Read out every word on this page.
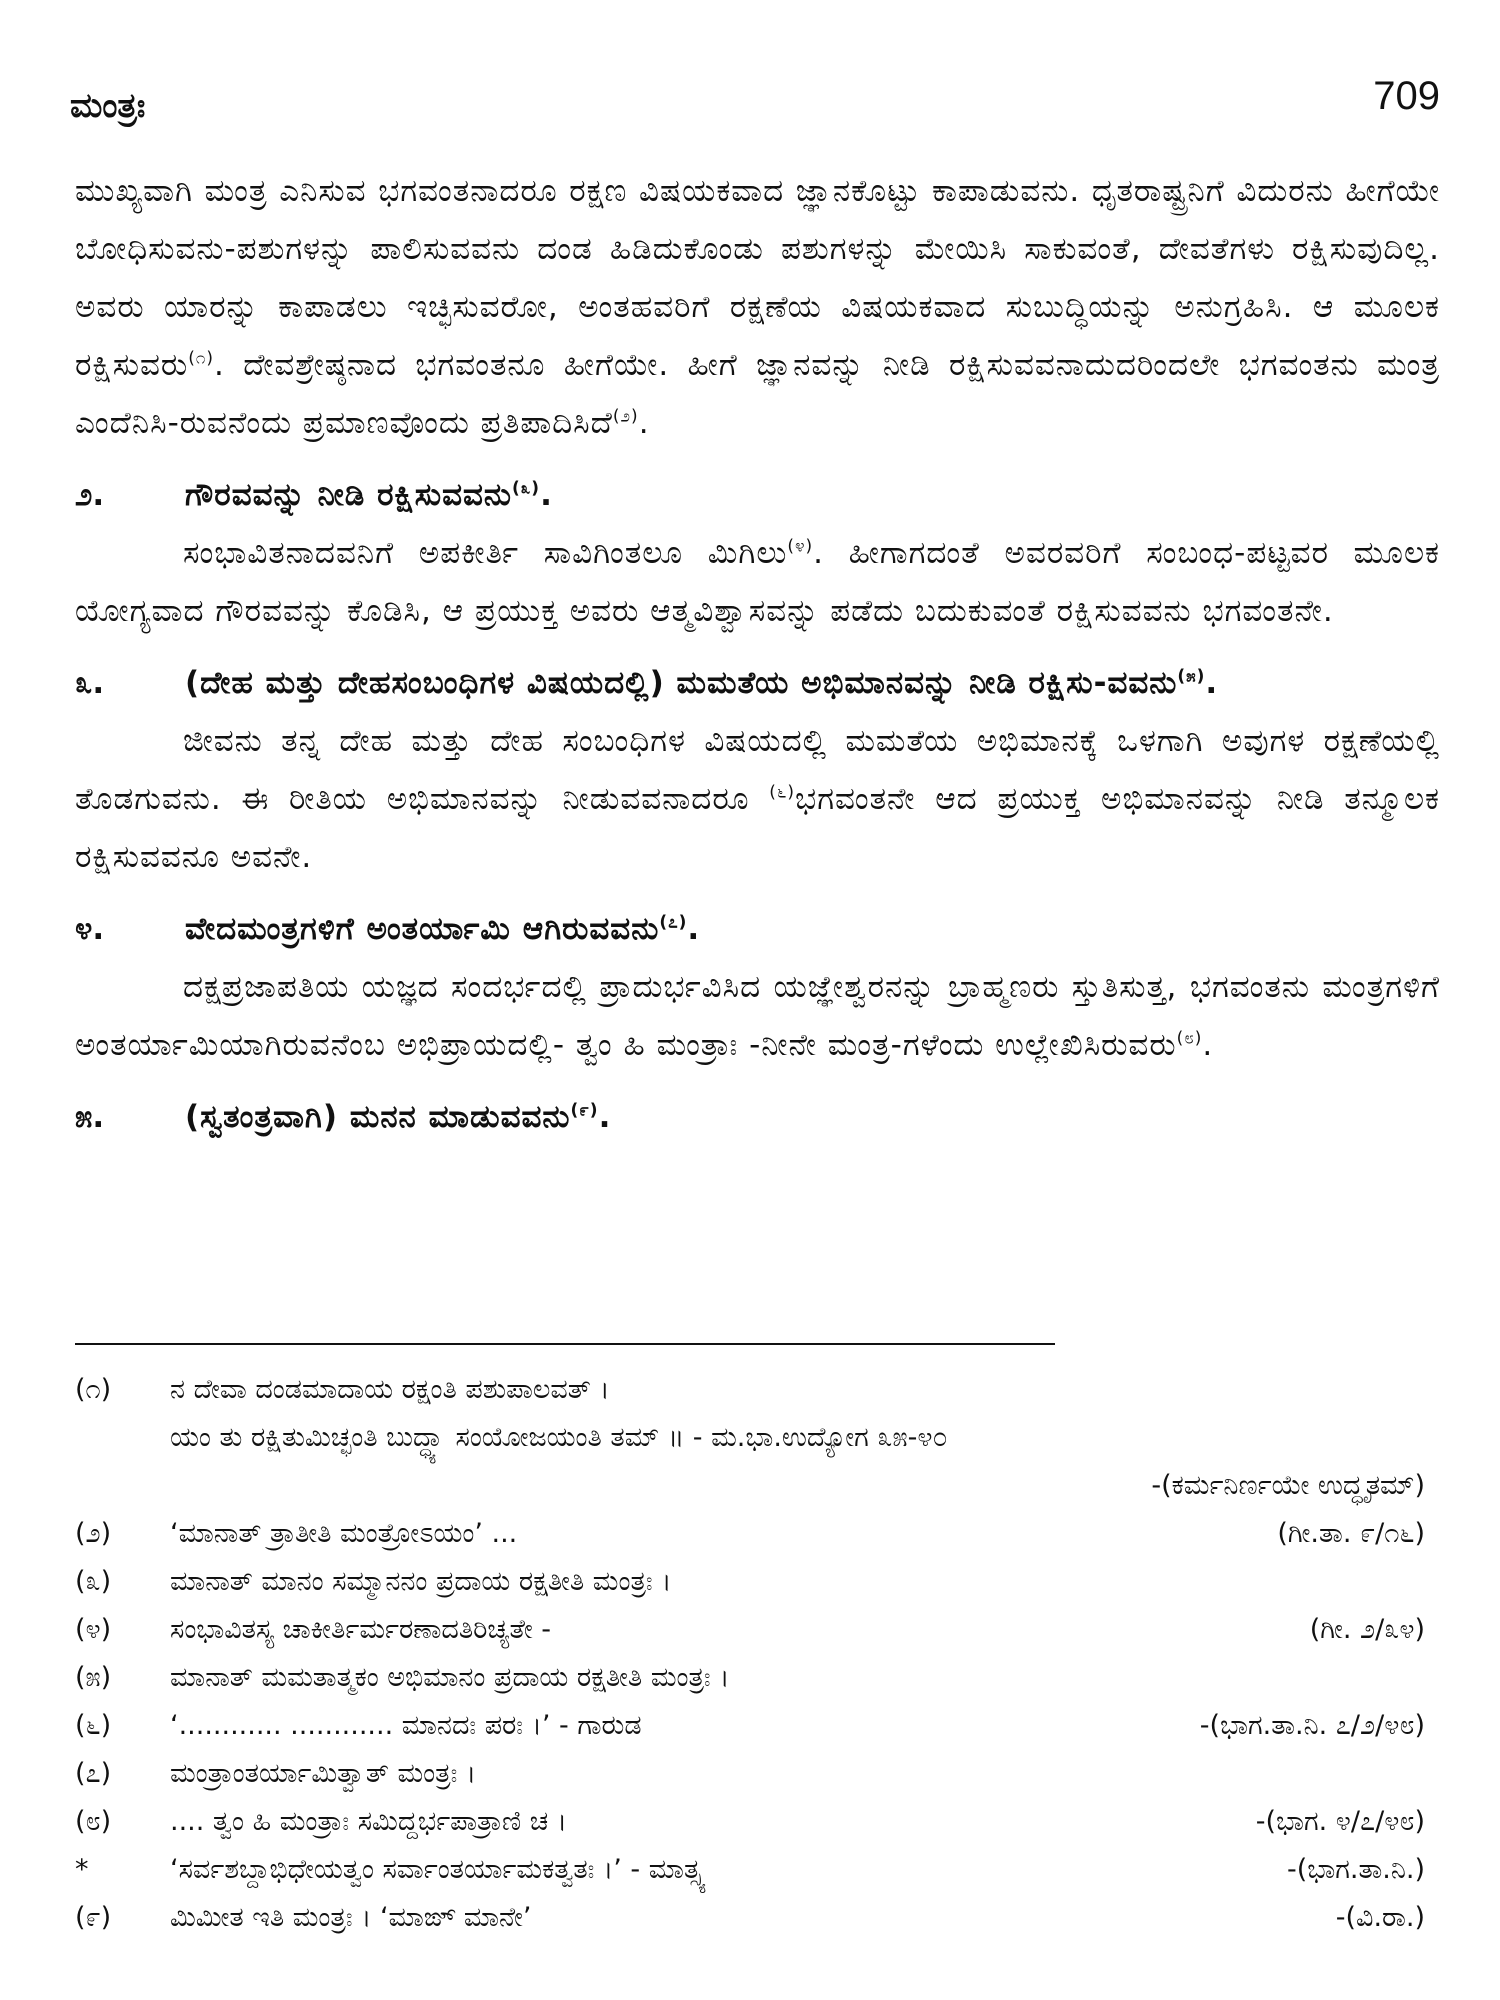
ಮಂತ್ರಃ	709

ಮುಖ್ಯವಾಗಿ ಮಂತ್ರ ಎನಿಸುವ ಭಗವಂತನಾದರೂ ರಕ್ಷಣ ವಿಷಯಕವಾದ ಜ್ಞಾನಕೊಟ್ಟು ಕಾಪಾಡುವನು. ಧೃತರಾಷ್ಟ್ರನಿಗೆ ವಿದುರನು ಹೀಗೆಯೇ ಬೋಧಿಸುವನು-ಪಶುಗಳನ್ನು ಪಾಲಿಸುವವನು ದಂಡ ಹಿಡಿದುಕೊಂಡು ಪಶುಗಳನ್ನು ಮೇಯಿಸಿ ಸಾಕುವಂತೆ, ದೇವತೆಗಳು ರಕ್ಷಿಸುವುದಿಲ್ಲ. ಅವರು ಯಾರನ್ನು ಕಾಪಾಡಲು ಇಚ್ಛಿಸುವರೋ, ಅಂತಹವರಿಗೆ ರಕ್ಷಣೆಯ ವಿಷಯಕವಾದ ಸುಬುದ್ಧಿಯನ್ನು ಅನುಗ್ರಹಿಸಿ. ಆ ಮೂಲಕ ರಕ್ಷಿಸುವರು$^{(೧)}$. ದೇವಶ್ರೇಷ್ಠನಾದ ಭಗವಂತನೂ ಹೀಗೆಯೇ. ಹೀಗೆ ಜ್ಞಾನವನ್ನು ನೀಡಿ ರಕ್ಷಿಸುವವನಾದುದರಿಂದಲೇ ಭಗವಂತನು ಮಂತ್ರ ಎಂದೆನಿಸಿ-ರುವನೆಂದು ಪ್ರಮಾಣವೊಂದು ಪ್ರತಿಪಾದಿಸಿದೆ$^{(೨)}$.

೨.	ಗೌರವವನ್ನು ನೀಡಿ ರಕ್ಷಿಸುವವನು$^{(೩)}$.

ಸಂಭಾವಿತನಾದವನಿಗೆ ಅಪಕೀರ್ತಿ ಸಾವಿಗಿಂತಲೂ ಮಿಗಿಲು$^{(೪)}$. ಹೀಗಾಗದಂತೆ ಅವರವರಿಗೆ ಸಂಬಂಧ-ಪಟ್ಟವರ ಮೂಲಕ ಯೋಗ್ಯವಾದ ಗೌರವವನ್ನು ಕೊಡಿಸಿ, ಆ ಪ್ರಯುಕ್ತ ಅವರು ಆತ್ಮವಿಶ್ವಾಸವನ್ನು ಪಡೆದು ಬದುಕುವಂತೆ ರಕ್ಷಿಸುವವನು ಭಗವಂತನೇ.

೩.	(ದೇಹ ಮತ್ತು ದೇಹಸಂಬಂಧಿಗಳ ವಿಷಯದಲ್ಲಿ) ಮಮತೆಯ ಅಭಿಮಾನವನ್ನು ನೀಡಿ ರಕ್ಷಿಸು-ವವನು$^{(೫)}$.

ಜೀವನು ತನ್ನ ದೇಹ ಮತ್ತು ದೇಹ ಸಂಬಂಧಿಗಳ ವಿಷಯದಲ್ಲಿ ಮಮತೆಯ ಅಭಿಮಾನಕ್ಕೆ ಒಳಗಾಗಿ ಅವುಗಳ ರಕ್ಷಣೆಯಲ್ಲಿ ತೊಡಗುವನು. ಈ ರೀತಿಯ ಅಭಿಮಾನವನ್ನು ನೀಡುವವನಾದರೂ $^{(೬)}$ಭಗವಂತನೇ ಆದ ಪ್ರಯುಕ್ತ ಅಭಿಮಾನವನ್ನು ನೀಡಿ ತನ್ಮೂಲಕ ರಕ್ಷಿಸುವವನೂ ಅವನೇ.

೪.	ವೇದಮಂತ್ರಗಳಿಗೆ ಅಂತರ್ಯಾಮಿ ಆಗಿರುವವನು$^{(೭)}$.

ದಕ್ಷಪ್ರಜಾಪತಿಯ ಯಜ್ಞದ ಸಂದರ್ಭದಲ್ಲಿ ಪ್ರಾದುರ್ಭವಿಸಿದ ಯಜ್ಞೇಶ್ವರನನ್ನು ಬ್ರಾಹ್ಮಣರು ಸ್ತುತಿಸುತ್ತ, ಭಗವಂತನು ಮಂತ್ರಗಳಿಗೆ ಅಂತರ್ಯಾಮಿಯಾಗಿರುವನೆಂಬ ಅಭಿಪ್ರಾಯದಲ್ಲಿ- ತ್ವಂ ಹಿ ಮಂತ್ರಾಃ -ನೀನೇ ಮಂತ್ರ-ಗಳೆಂದು ಉಲ್ಲೇಖಿಸಿರುವರು$^{(೮)}$.

೫.	(ಸ್ವತಂತ್ರವಾಗಿ) ಮನನ ಮಾಡುವವನು$^{(೯)}$.
(೧)	ನ ದೇವಾ ದಂಡಮಾದಾಯ ರಕ್ಷಂತಿ ಪಶುಪಾಲವತ್ ।
ಯಂ ತು ರಕ್ಷಿತುಮಿಚ್ಛಂತಿ ಬುದ್ಧ್ಯಾ ಸಂಯೋಜಯಂತಿ ತಮ್ ॥ - ಮ.ಭಾ.ಉದ್ಯೋಗ ೩೫-೪೦
-(ಕರ್ಮನಿರ್ಣಯೇ ಉದ್ಧೃತಮ್)
(೨)	‘ಮಾನಾತ್ ತ್ರಾತೀತಿ ಮಂತ್ರೋಽಯಂ’ ...	(ಗೀ.ತಾ. ೯/೧೬)
(೩)	ಮಾನಾತ್ ಮಾನಂ ಸಮ್ಮಾನನಂ ಪ್ರದಾಯ ರಕ್ಷತೀತಿ ಮಂತ್ರಃ ।
(೪)	ಸಂಭಾವಿತಸ್ಯ ಚಾಕೀರ್ತಿರ್ಮರಣಾದತಿರಿಚ್ಯತೇ -	(ಗೀ. ೨/೩೪)
(೫)	ಮಾನಾತ್ ಮಮತಾತ್ಮಕಂ ಅಭಿಮಾನಂ ಪ್ರದಾಯ ರಕ್ಷತೀತಿ ಮಂತ್ರಃ ।
(೬)	‘............ ............ ಮಾನದಃ ಪರಃ ।’ - ಗಾರುಡ	-(ಭಾಗ.ತಾ.ನಿ. ೭/೨/೪೮)
(೭)	ಮಂತ್ರಾಂತರ್ಯಾಮಿತ್ವಾತ್ ಮಂತ್ರಃ ।
(೮)	.... ತ್ವಂ ಹಿ ಮಂತ್ರಾಃ ಸಮಿದ್ದರ್ಭಪಾತ್ರಾಣಿ ಚ ।	-(ಭಾಗ. ೪/೭/೪೮)
*	‘ಸರ್ವಶಬ್ದಾಭಿಧೇಯತ್ವಂ ಸರ್ವಾಂತರ್ಯಾಮಕತ್ವತಃ ।’ - ಮಾತ್ಸ್ಯ	-(ಭಾಗ.ತಾ.ನಿ.)
(೯)	ಮಿಮೀತ ಇತಿ ಮಂತ್ರಃ । ‘ಮಾಙ್ ಮಾನೇ’	-(ವಿ.ರಾ.)
